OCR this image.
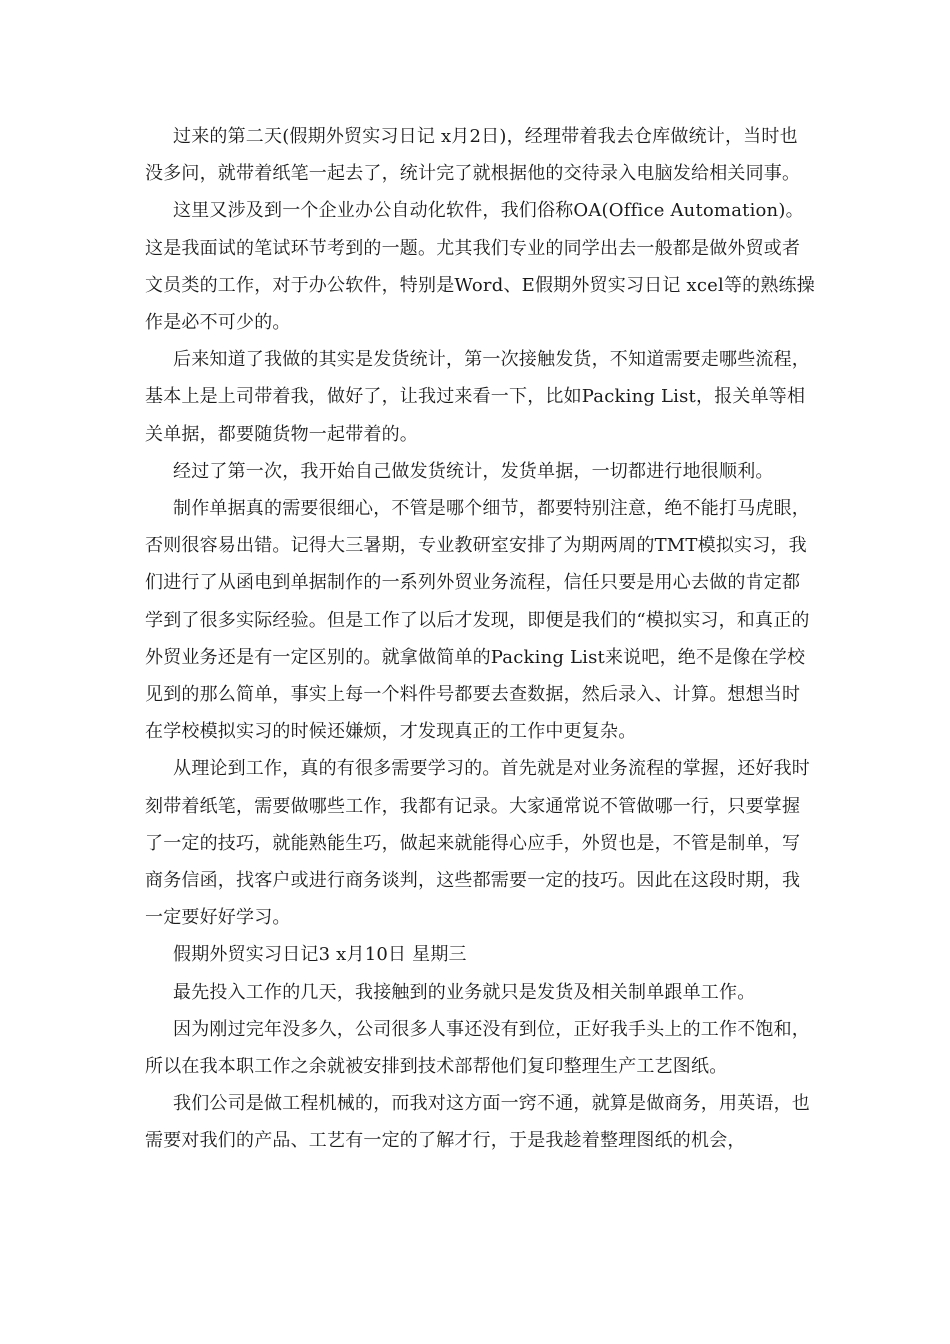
过来的第二天(假期外贸实习日记 x月2日)，经理带着我去仓库做统计，当时也没多问，就带着纸笔一起去了，统计完了就根据他的交待录入电脑发给相关同事。

这里又涉及到一个企业办公自动化软件，我们俗称OA(Office Automation)。这是我面试的笔试环节考到的一题。尤其我们专业的同学出去一般都是做外贸或者文员类的工作，对于办公软件，特别是Word、E假期外贸实习日记 xcel等的熟练操作是必不可少的。

后来知道了我做的其实是发货统计，第一次接触发货，不知道需要走哪些流程，基本上是上司带着我，做好了，让我过来看一下，比如Packing List，报关单等相关单据，都要随货物一起带着的。

经过了第一次，我开始自己做发货统计，发货单据，一切都进行地很顺利。

制作单据真的需要很细心，不管是哪个细节，都要特别注意，绝不能打马虎眼，否则很容易出错。记得大三暑期，专业教研室安排了为期两周的TMT模拟实习，我们进行了从函电到单据制作的一系列外贸业务流程，信任只要是用心去做的肯定都学到了很多实际经验。但是工作了以后才发现，即便是我们的“模拟实习，和真正的外贸业务还是有一定区别的。就拿做简单的Packing List来说吧，绝不是像在学校见到的那么简单，事实上每一个料件号都要去查数据，然后录入、计算。想想当时在学校模拟实习的时候还嫌烦，才发现真正的工作中更复杂。

从理论到工作，真的有很多需要学习的。首先就是对业务流程的掌握，还好我时刻带着纸笔，需要做哪些工作，我都有记录。大家通常说不管做哪一行，只要掌握了一定的技巧，就能熟能生巧，做起来就能得心应手，外贸也是，不管是制单，写商务信函，找客户或进行商务谈判，这些都需要一定的技巧。因此在这段时期，我一定要好好学习。

假期外贸实习日记3 x月10日 星期三

最先投入工作的几天，我接触到的业务就只是发货及相关制单跟单工作。

因为刚过完年没多久，公司很多人事还没有到位，正好我手头上的工作不饱和，所以在我本职工作之余就被安排到技术部帮他们复印整理生产工艺图纸。

我们公司是做工程机械的，而我对这方面一窍不通，就算是做商务，用英语，也需要对我们的产品、工艺有一定的了解才行，于是我趁着整理图纸的机会，
